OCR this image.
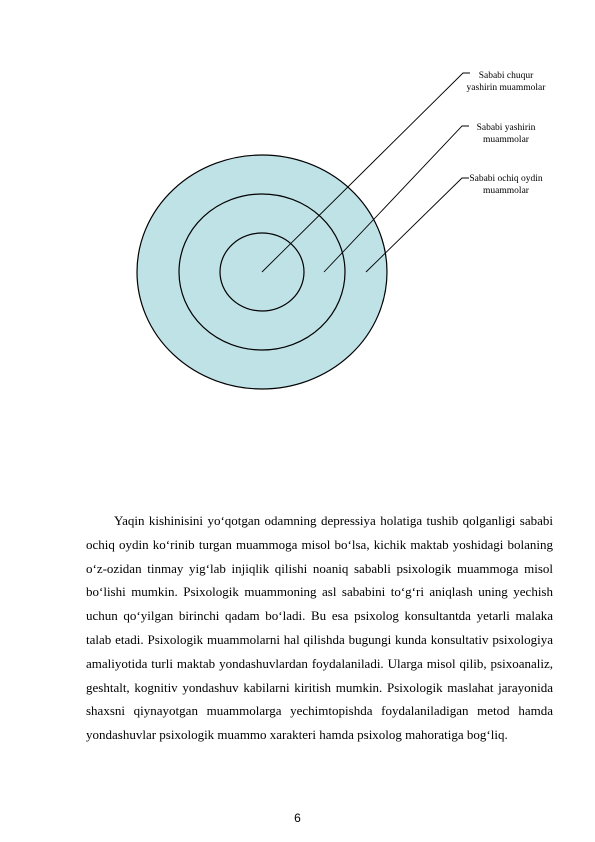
Sababi chuqur yashirin muammolar
Sababi yashirin muammolar
Sababi ochiq oydin muammolar

Yaqin kishinisini yo‘qotgan odamning depressiya holatiga tushib qolganligi sababi ochiq oydin ko‘rinib turgan muammoga misol bo‘lsa, kichik maktab yoshidagi bolaning o‘z-ozidan tinmay yig‘lab injiqlik qilishi noaniq sababli psixologik muammoga misol bo‘lishi mumkin. Psixologik muammoning asl sababini to‘g‘ri aniqlash uning yechish uchun qo‘yilgan birinchi qadam bo‘ladi. Bu esa psixolog konsultantda yetarli malaka talab etadi. Psixologik muammolarni hal qilishda bugungi kunda konsultativ psixologiya amaliyotida turli maktab yondashuvlardan foydalaniladi. Ularga misol qilib, psixoanaliz, geshtalt, kognitiv yondashuv kabilarni kiritish mumkin. Psixologik maslahat jarayonida shaxsni qiynayotgan muammolarga yechimtopishda foydalaniladigan metod hamda yondashuvlar psixologik muammo xarakteri hamda psixolog mahoratiga bog‘liq.

6
